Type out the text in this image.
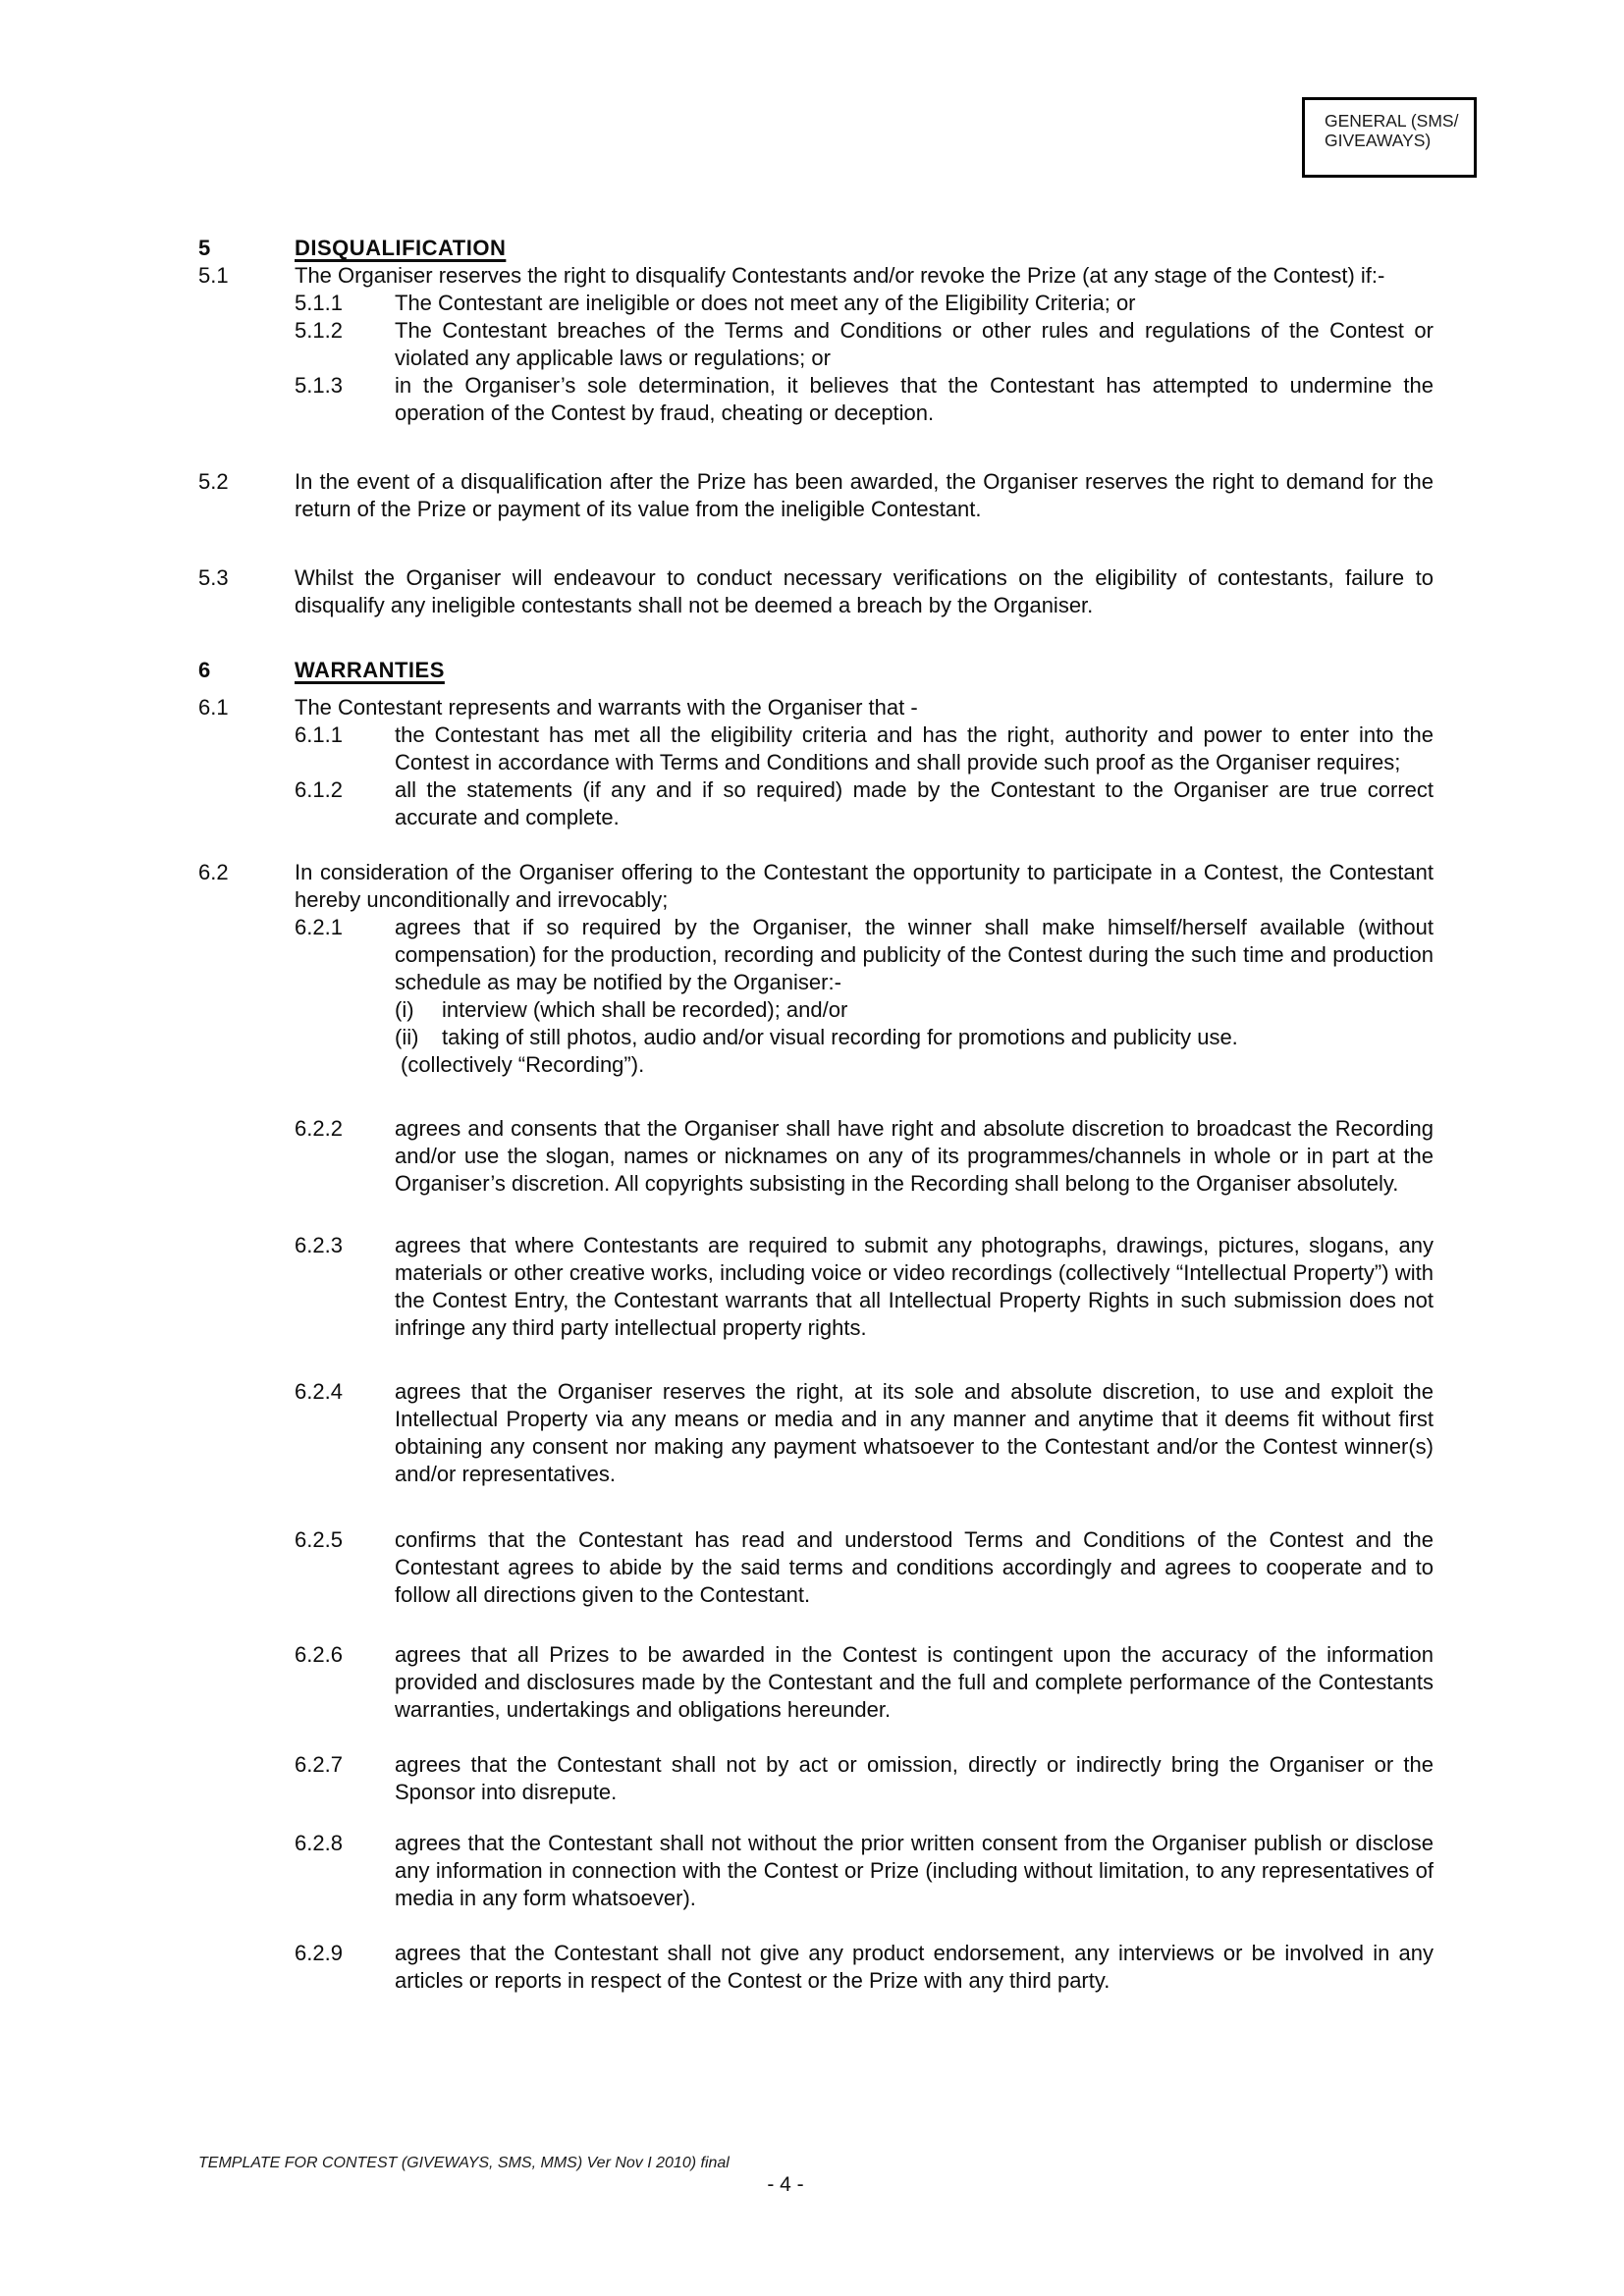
GENERAL (SMS/
GIVEAWAYS)
5	DISQUALIFICATION
5.1	The Organiser reserves the right to disqualify Contestants and/or revoke the Prize (at any stage of the Contest) if:-

5.1.1	The Contestant are ineligible or does not meet any of the Eligibility Criteria; or

5.1.2	The Contestant breaches of the Terms and Conditions or other rules and regulations of the Contest or violated any applicable laws or regulations; or

5.1.3	in the Organiser’s sole determination, it believes that the Contestant has attempted to undermine the operation of the Contest by fraud, cheating or deception.

5.2	In the event of a disqualification after the Prize has been awarded, the Organiser reserves the right to demand for the return of the Prize or payment of its value from the ineligible Contestant.

5.3	Whilst the Organiser will endeavour to conduct necessary verifications on the eligibility of contestants, failure to disqualify any ineligible contestants shall not be deemed a breach by the Organiser.

6	WARRANTIES
6.1	The Contestant represents and warrants with the Organiser that -

6.1.1	the Contestant has met all the eligibility criteria and has the right, authority and power to enter into the Contest in accordance with Terms and Conditions and shall provide such proof as the Organiser requires;

6.1.2	all the statements (if any and if so required) made by the Contestant to the Organiser are true correct accurate and complete.

6.2	In consideration of the Organiser offering to the Contestant the opportunity to participate in a Contest, the Contestant hereby unconditionally and irrevocably;

6.2.1	agrees that if so required by the Organiser, the winner shall make himself/herself available (without compensation) for the production, recording and publicity of the Contest during the such time and production schedule as may be notified by the Organiser:-

(i)	interview (which shall be recorded); and/or
(ii)	taking of still photos, audio and/or visual recording for promotions and publicity use.

(collectively “Recording”).

6.2.2	agrees and consents that the Organiser shall have right and absolute discretion to broadcast the Recording and/or use the slogan, names or nicknames on any of its programmes/channels in whole or in part at the Organiser’s discretion. All copyrights subsisting in the Recording shall belong to the Organiser absolutely.

6.2.3	agrees that where Contestants are required to submit any photographs, drawings, pictures, slogans, any materials or other creative works, including voice or video recordings (collectively “Intellectual Property”) with the Contest Entry, the Contestant warrants that all Intellectual Property Rights in such submission does not infringe any third party intellectual property rights.

6.2.4	agrees that the Organiser reserves the right, at its sole and absolute discretion, to use and exploit the Intellectual Property via any means or media and in any manner and anytime that it deems fit without first obtaining any consent nor making any payment whatsoever to the Contestant and/or the Contest winner(s) and/or representatives.

6.2.5	confirms that the Contestant has read and understood Terms and Conditions of the Contest and the Contestant agrees to abide by the said terms and conditions accordingly and agrees to cooperate and to follow all directions given to the Contestant.

6.2.6	agrees that all Prizes to be awarded in the Contest is contingent upon the accuracy of the information provided and disclosures made by the Contestant and the full and complete performance of the Contestants warranties, undertakings and obligations hereunder.

6.2.7	agrees that the Contestant shall not by act or omission, directly or indirectly bring the Organiser or the Sponsor into disrepute.

6.2.8	agrees that the Contestant shall not without the prior written consent from the Organiser publish or disclose any information in connection with the Contest or Prize (including without limitation, to any representatives of media in any form whatsoever).

6.2.9	agrees that the Contestant shall not give any product endorsement, any interviews or be involved in any articles or reports in respect of the Contest or the Prize with any third party.

TEMPLATE FOR CONTEST (GIVEWAYS, SMS, MMS) Ver Nov I 2010) final
- 4 -
